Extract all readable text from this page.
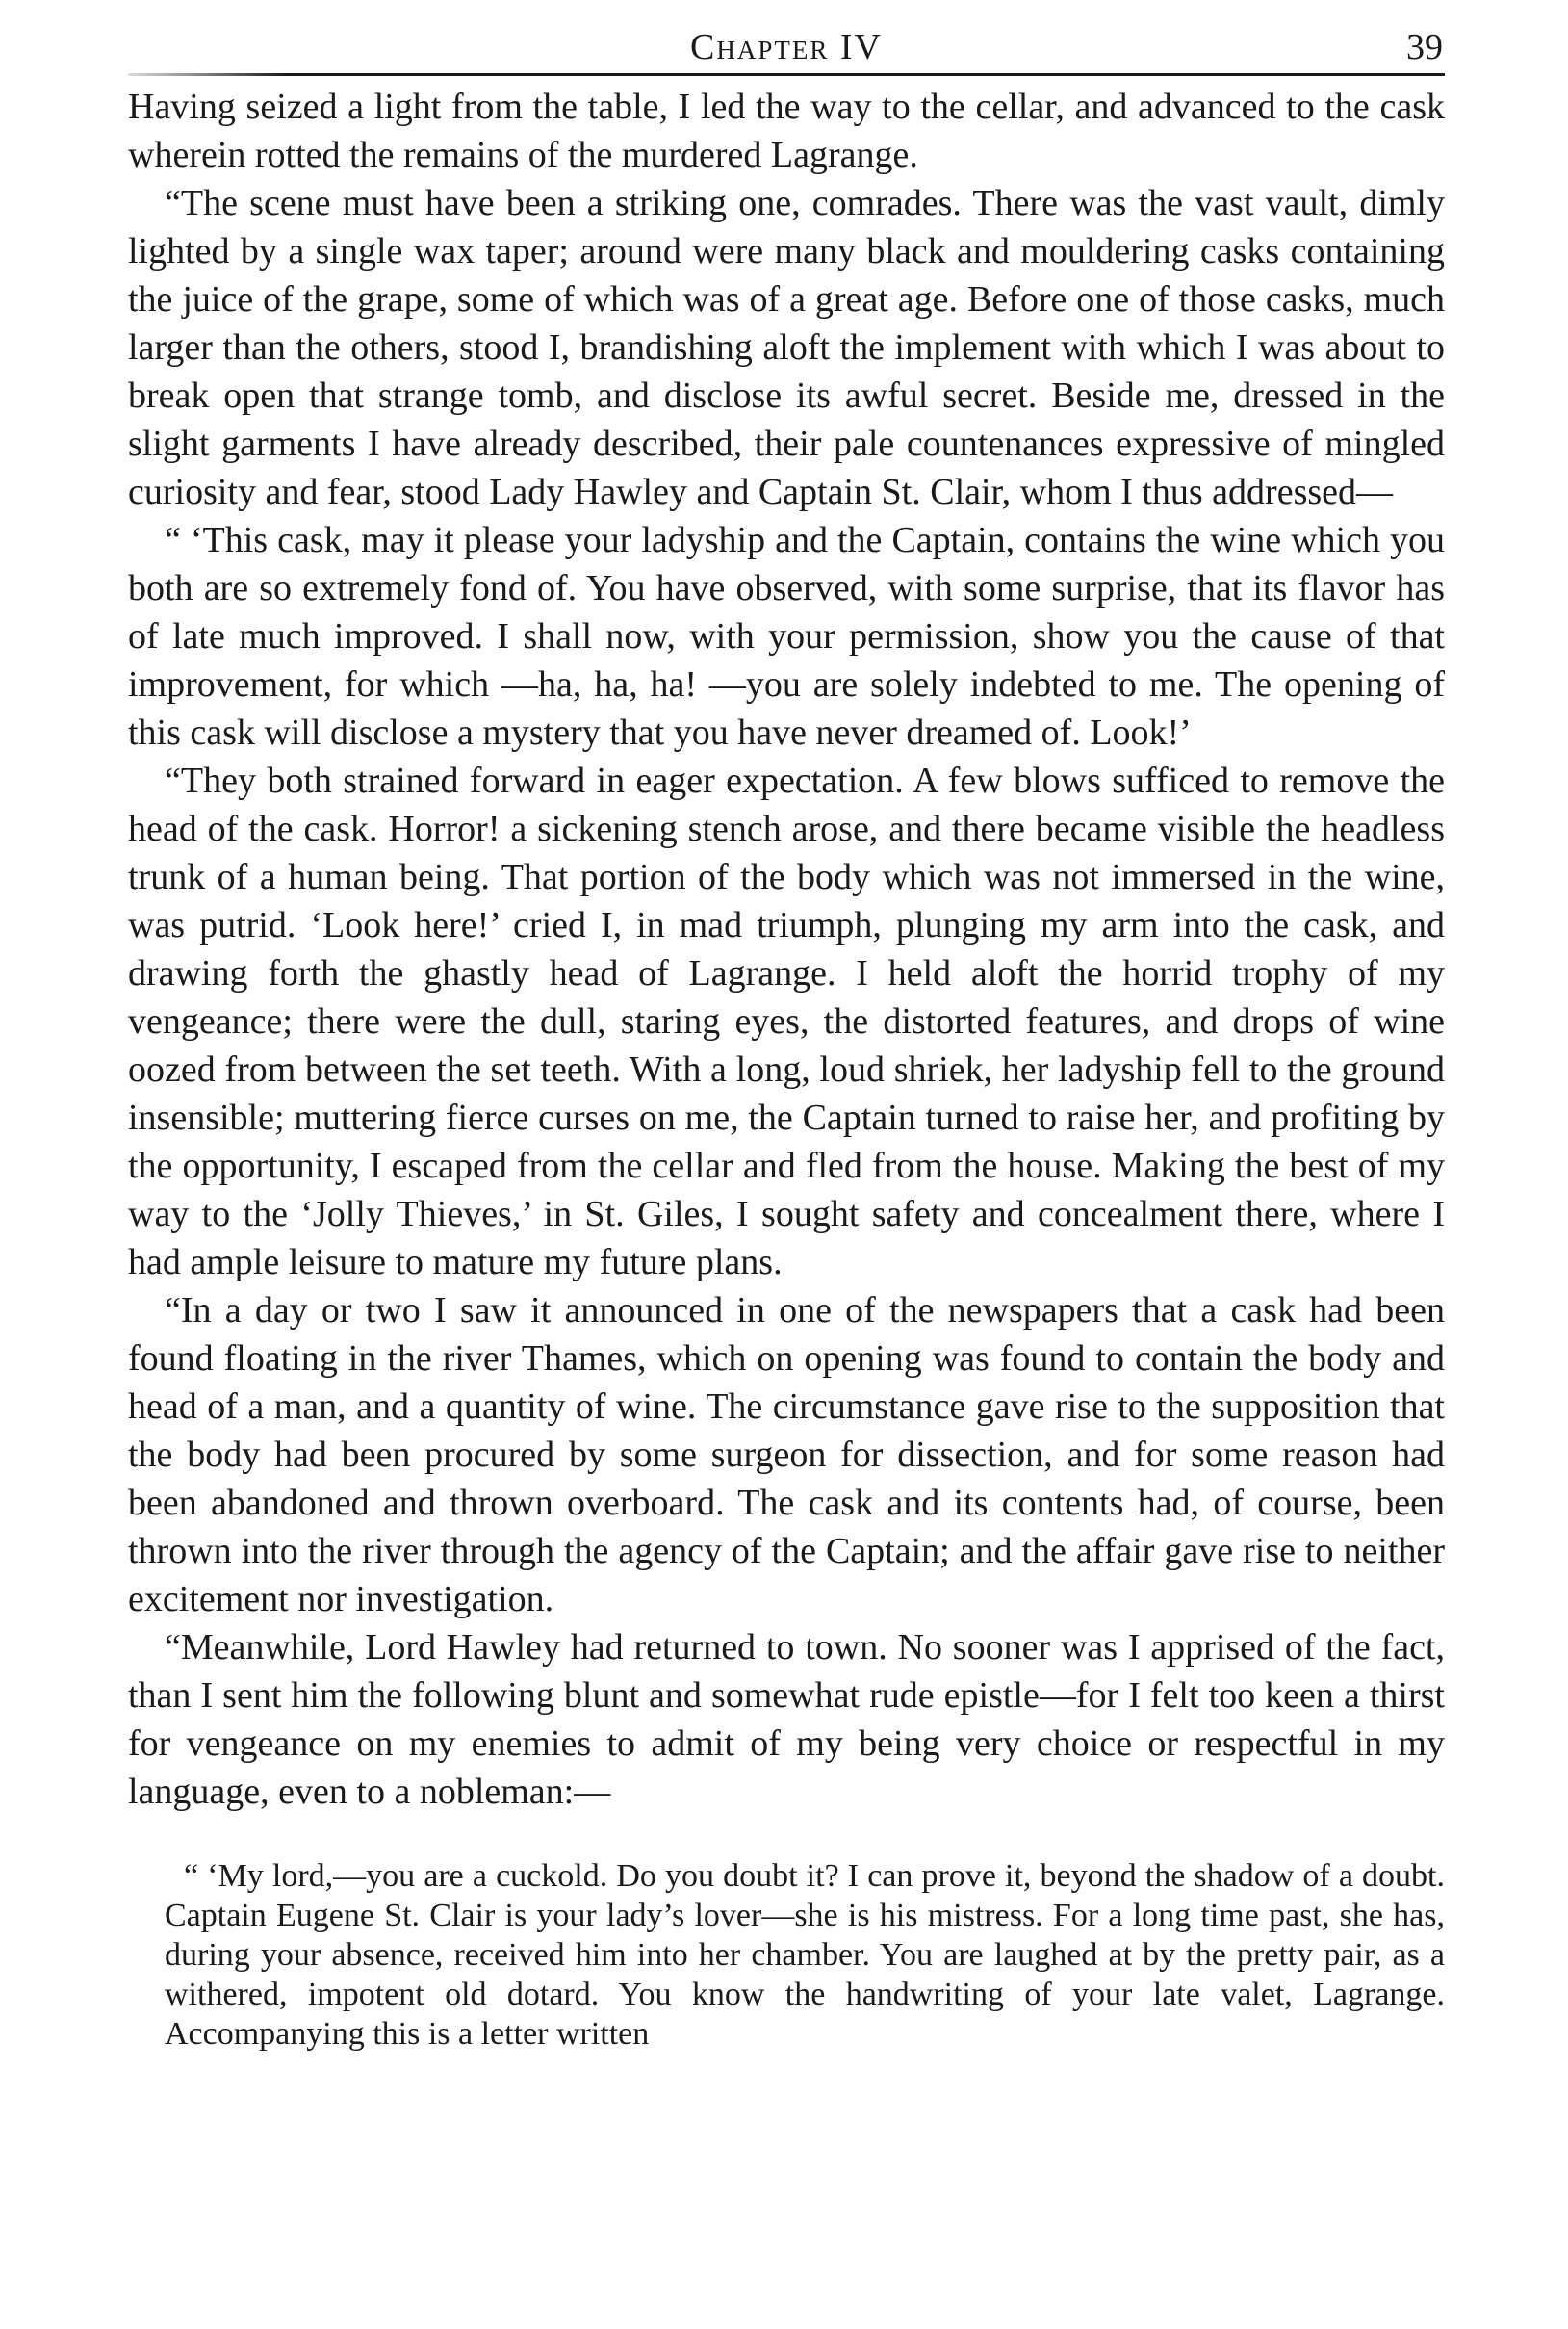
Chapter IV	39

Having seized a light from the table, I led the way to the cellar, and advanced to the cask wherein rotted the remains of the murdered Lagrange.

“The scene must have been a striking one, comrades. There was the vast vault, dimly lighted by a single wax taper; around were many black and mouldering casks containing the juice of the grape, some of which was of a great age. Before one of those casks, much larger than the others, stood I, brandishing aloft the implement with which I was about to break open that strange tomb, and disclose its awful secret. Beside me, dressed in the slight garments I have already described, their pale countenances expressive of mingled curiosity and fear, stood Lady Hawley and Captain St. Clair, whom I thus addressed—

“ ‘This cask, may it please your ladyship and the Captain, contains the wine which you both are so extremely fond of. You have observed, with some surprise, that its flavor has of late much improved. I shall now, with your permission, show you the cause of that improvement, for which —ha, ha, ha! —you are solely indebted to me. The opening of this cask will disclose a mystery that you have never dreamed of. Look!’

“They both strained forward in eager expectation. A few blows sufficed to remove the head of the cask. Horror! a sickening stench arose, and there became visible the headless trunk of a human being. That portion of the body which was not immersed in the wine, was putrid. ‘Look here!’ cried I, in mad triumph, plunging my arm into the cask, and drawing forth the ghastly head of Lagrange. I held aloft the horrid trophy of my vengeance; there were the dull, staring eyes, the distorted features, and drops of wine oozed from between the set teeth. With a long, loud shriek, her ladyship fell to the ground insensible; muttering fierce curses on me, the Captain turned to raise her, and profiting by the opportunity, I escaped from the cellar and fled from the house. Making the best of my way to the ‘Jolly Thieves,’ in St. Giles, I sought safety and concealment there, where I had ample leisure to mature my future plans.

“In a day or two I saw it announced in one of the newspapers that a cask had been found floating in the river Thames, which on opening was found to contain the body and head of a man, and a quantity of wine. The circumstance gave rise to the supposition that the body had been procured by some surgeon for dissection, and for some reason had been abandoned and thrown overboard. The cask and its contents had, of course, been thrown into the river through the agency of the Captain; and the affair gave rise to neither excitement nor investigation.

“Meanwhile, Lord Hawley had returned to town. No sooner was I apprised of the fact, than I sent him the following blunt and somewhat rude epistle—for I felt too keen a thirst for vengeance on my enemies to admit of my being very choice or respectful in my language, even to a nobleman:—

“ ‘My lord,—you are a cuckold. Do you doubt it? I can prove it, beyond the shadow of a doubt. Captain Eugene St. Clair is your lady’s lover—she is his mistress. For a long time past, she has, during your absence, received him into her chamber. You are laughed at by the pretty pair, as a withered, impotent old dotard. You know the handwriting of your late valet, Lagrange. Accompanying this is a letter written
